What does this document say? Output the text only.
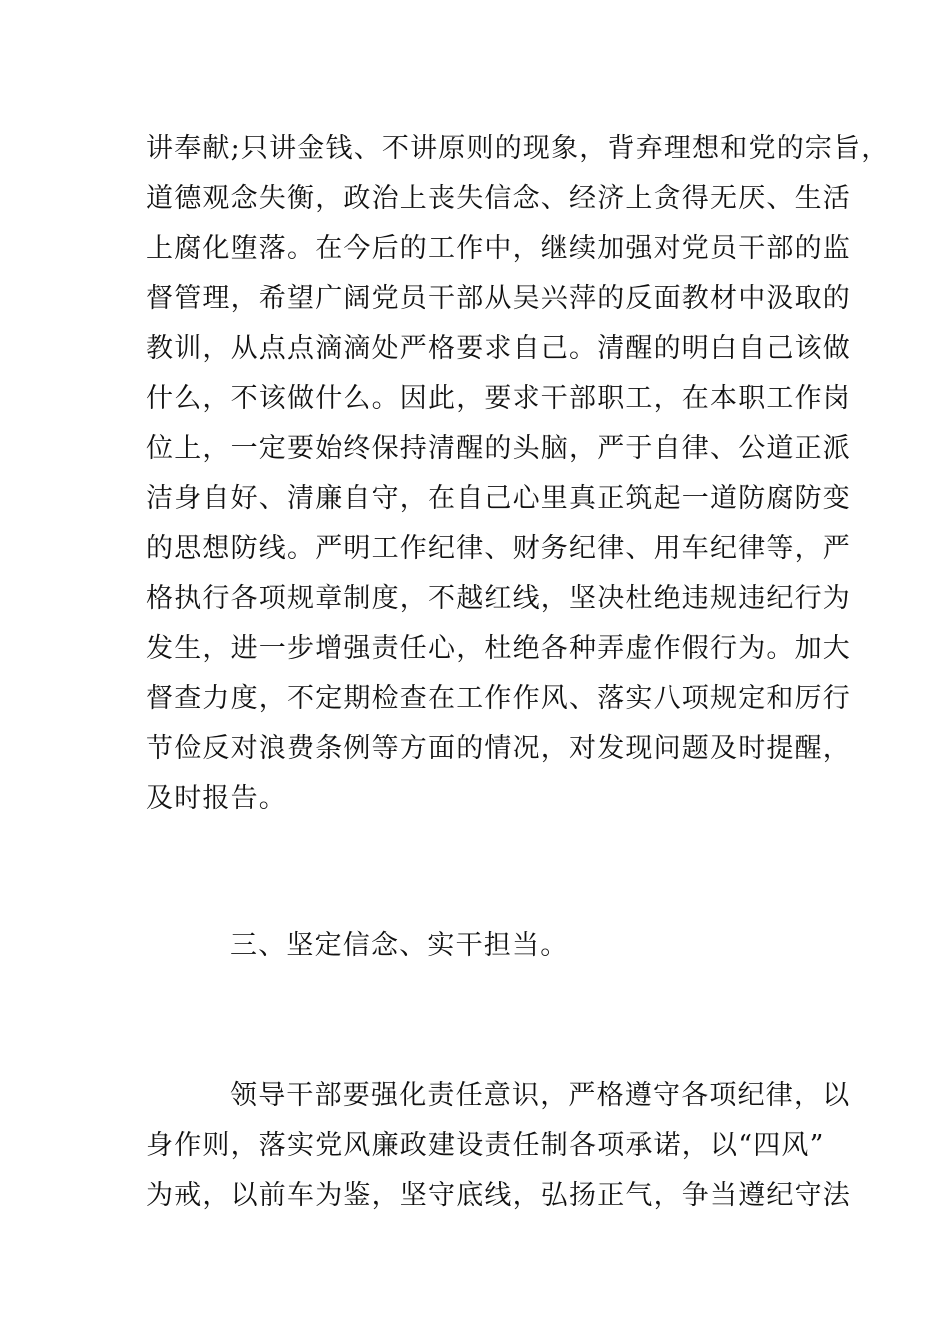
讲奉献;只讲金钱、不讲原则的现象，背弃理想和党的宗旨，
道德观念失衡，政治上丧失信念、经济上贪得无厌、生活
上腐化堕落。在今后的工作中，继续加强对党员干部的监
督管理，希望广阔党员干部从吴兴萍的反面教材中汲取的
教训，从点点滴滴处严格要求自己。清醒的明白自己该做
什么，不该做什么。因此，要求干部职工，在本职工作岗
位上，一定要始终保持清醒的头脑，严于自律、公道正派
洁身自好、清廉自守，在自己心里真正筑起一道防腐防变
的思想防线。严明工作纪律、财务纪律、用车纪律等，严
格执行各项规章制度，不越红线，坚决杜绝违规违纪行为
发生，进一步增强责任心，杜绝各种弄虚作假行为。加大
督查力度，不定期检查在工作作风、落实八项规定和厉行
节俭反对浪费条例等方面的情况，对发现问题及时提醒，
及时报告。
三、坚定信念、实干担当。
领导干部要强化责任意识，严格遵守各项纪律，以
身作则，落实党风廉政建设责任制各项承诺，以“四风”
为戒，以前车为鉴，坚守底线，弘扬正气，争当遵纪守法
